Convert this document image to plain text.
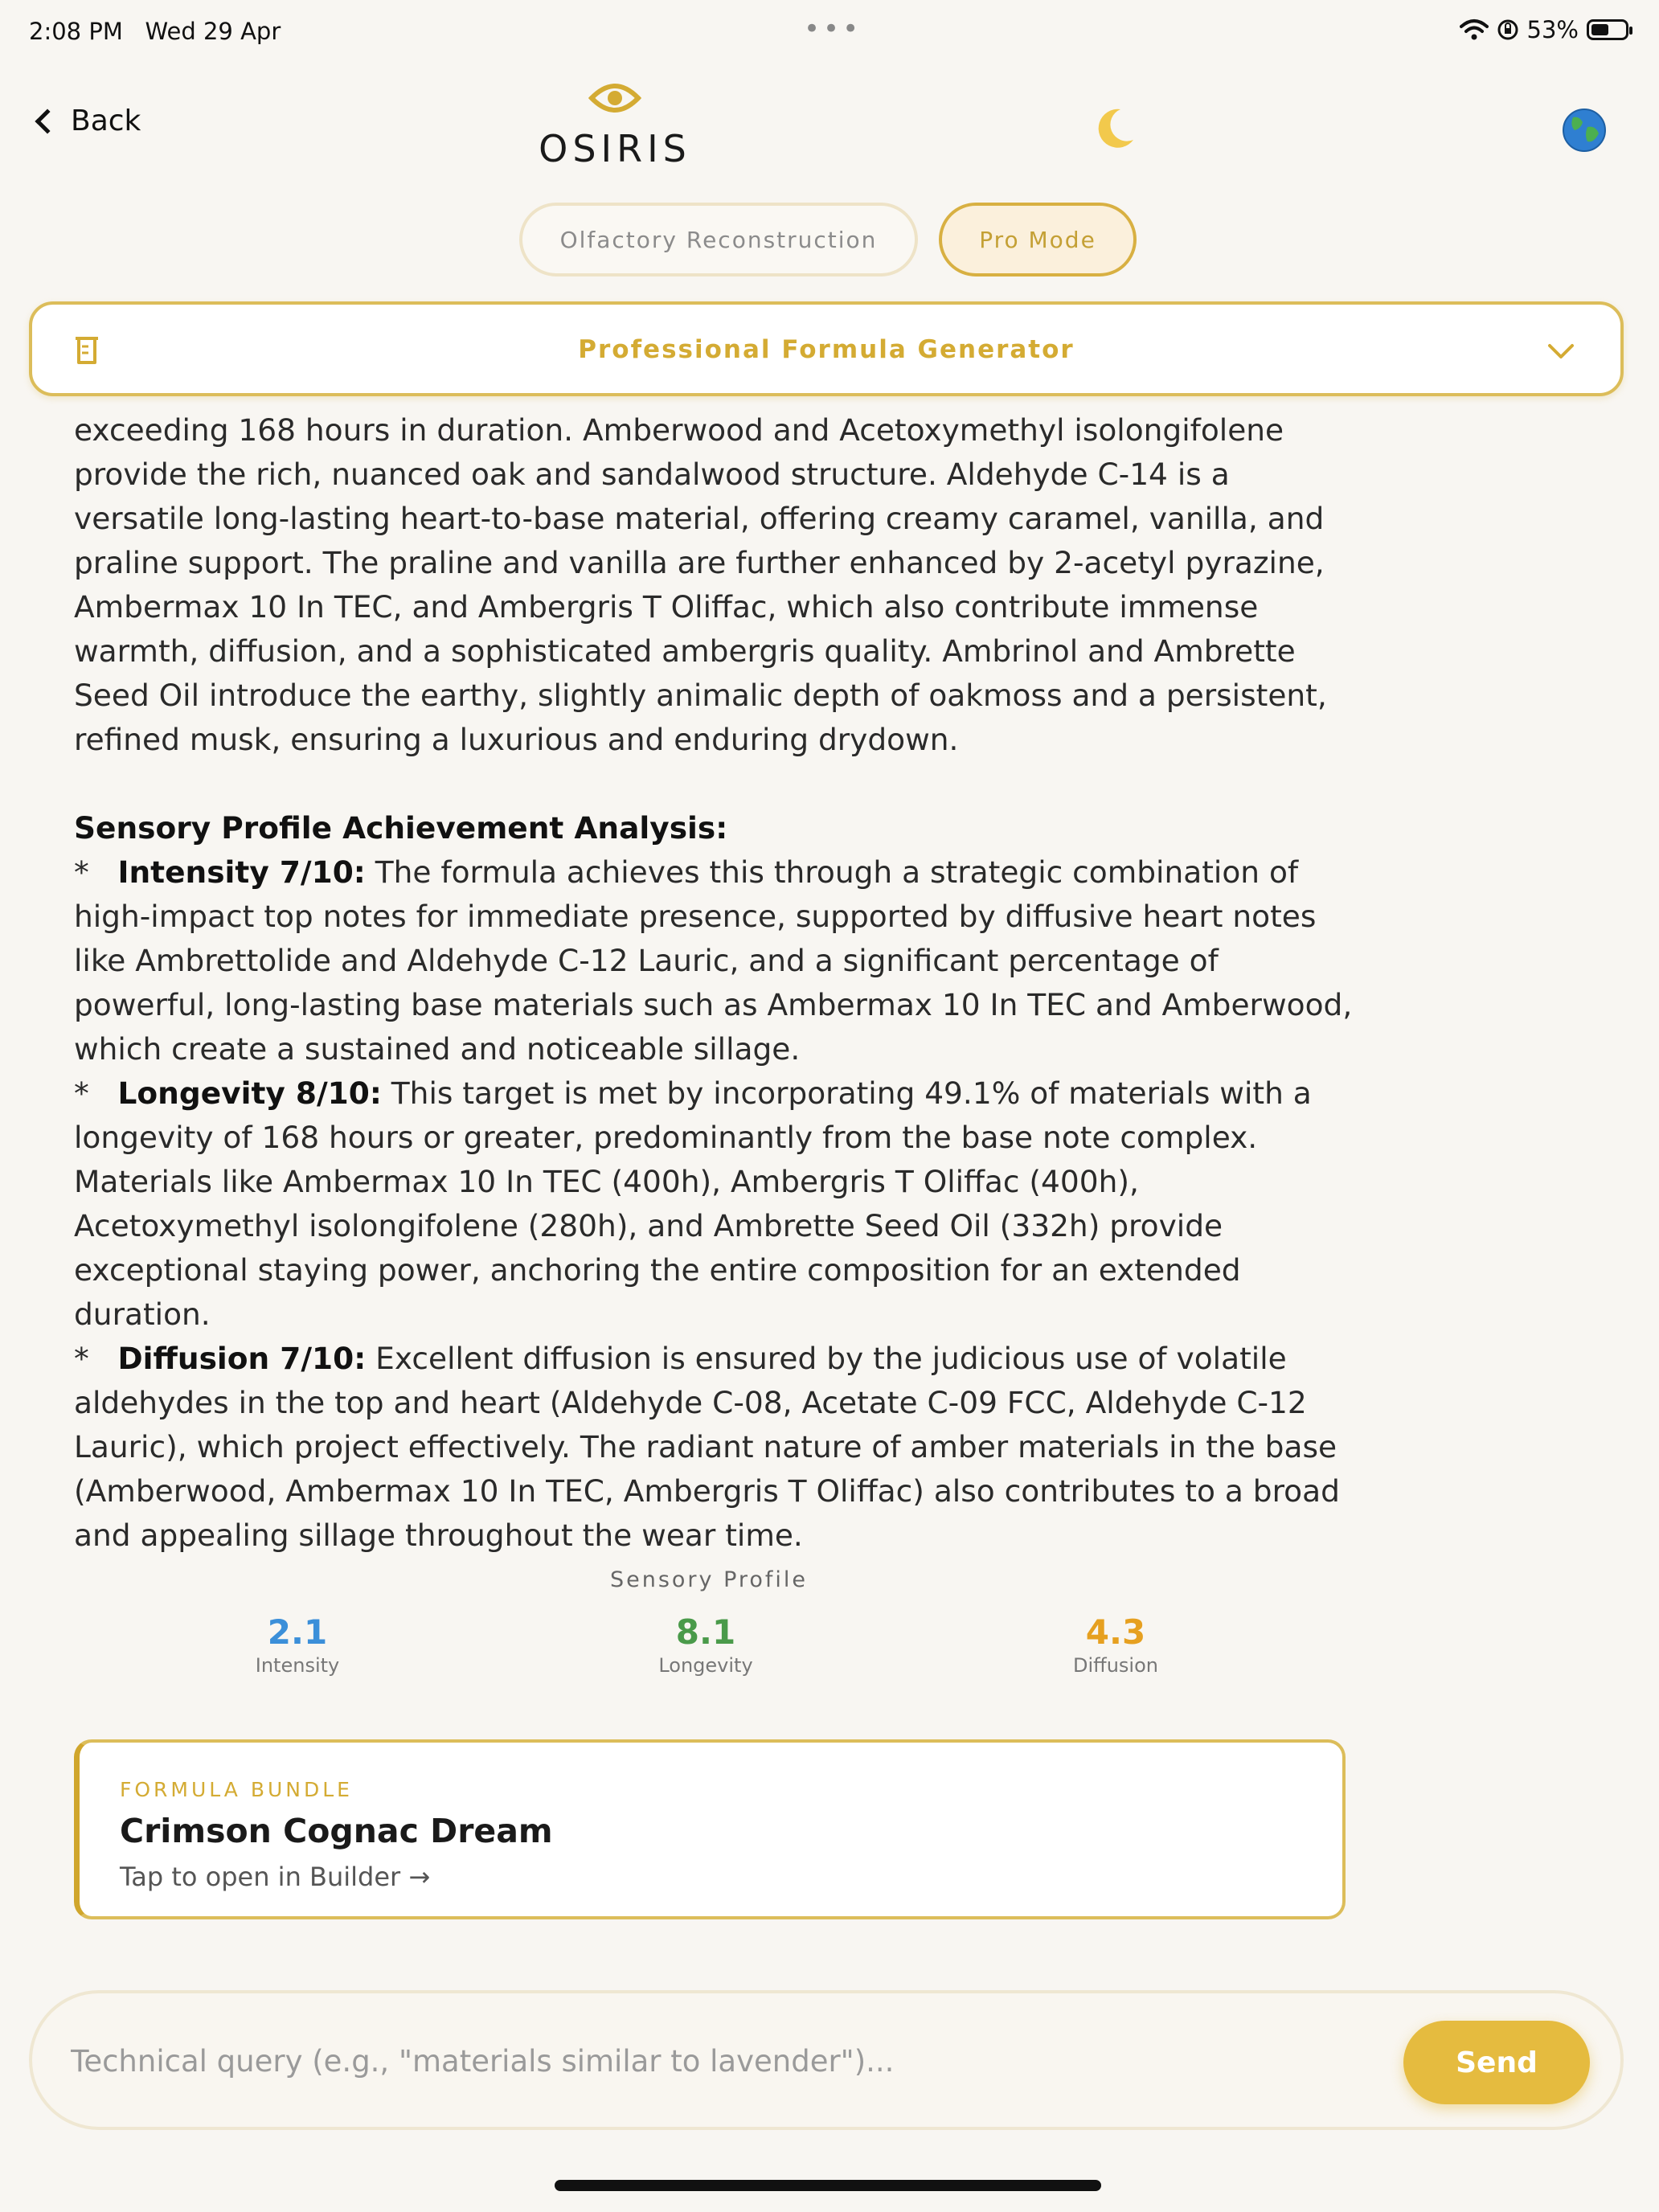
2:08 PM   Wed 29 Apr	•••	53%
Back
OSIRIS
Olfactory Reconstruction	Pro Mode
Professional Formula Generator

exceeding 168 hours in duration. Amberwood and Acetoxymethyl isolongifolene provide the rich, nuanced oak and sandalwood structure. Aldehyde C-14 is a versatile long-lasting heart-to-base material, offering creamy caramel, vanilla, and praline support. The praline and vanilla are further enhanced by 2-acetyl pyrazine, Ambermax 10 In TEC, and Ambergris T Oliffac, which also contribute immense warmth, diffusion, and a sophisticated ambergris quality. Ambrinol and Ambrette Seed Oil introduce the earthy, slightly animalic depth of oakmoss and a persistent, refined musk, ensuring a luxurious and enduring drydown.

Sensory Profile Achievement Analysis:

* Intensity 7/10: The formula achieves this through a strategic combination of high-impact top notes for immediate presence, supported by diffusive heart notes like Ambrettolide and Aldehyde C-12 Lauric, and a significant percentage of powerful, long-lasting base materials such as Ambermax 10 In TEC and Amberwood, which create a sustained and noticeable sillage.

* Longevity 8/10: This target is met by incorporating 49.1% of materials with a longevity of 168 hours or greater, predominantly from the base note complex. Materials like Ambermax 10 In TEC (400h), Ambergris T Oliffac (400h), Acetoxymethyl isolongifolene (280h), and Ambrette Seed Oil (332h) provide exceptional staying power, anchoring the entire composition for an extended duration.

* Diffusion 7/10: Excellent diffusion is ensured by the judicious use of volatile aldehydes in the top and heart (Aldehyde C-08, Acetate C-09 FCC, Aldehyde C-12 Lauric), which project effectively. The radiant nature of amber materials in the base (Amberwood, Ambermax 10 In TEC, Ambergris T Oliffac) also contributes to a broad and appealing sillage throughout the wear time.

Sensory Profile
2.1
Intensity
8.1
Longevity
4.3
Diffusion
FORMULA BUNDLE
Crimson Cognac Dream
Tap to open in Builder →
Technical query (e.g., "materials similar to lavender")...
Send
